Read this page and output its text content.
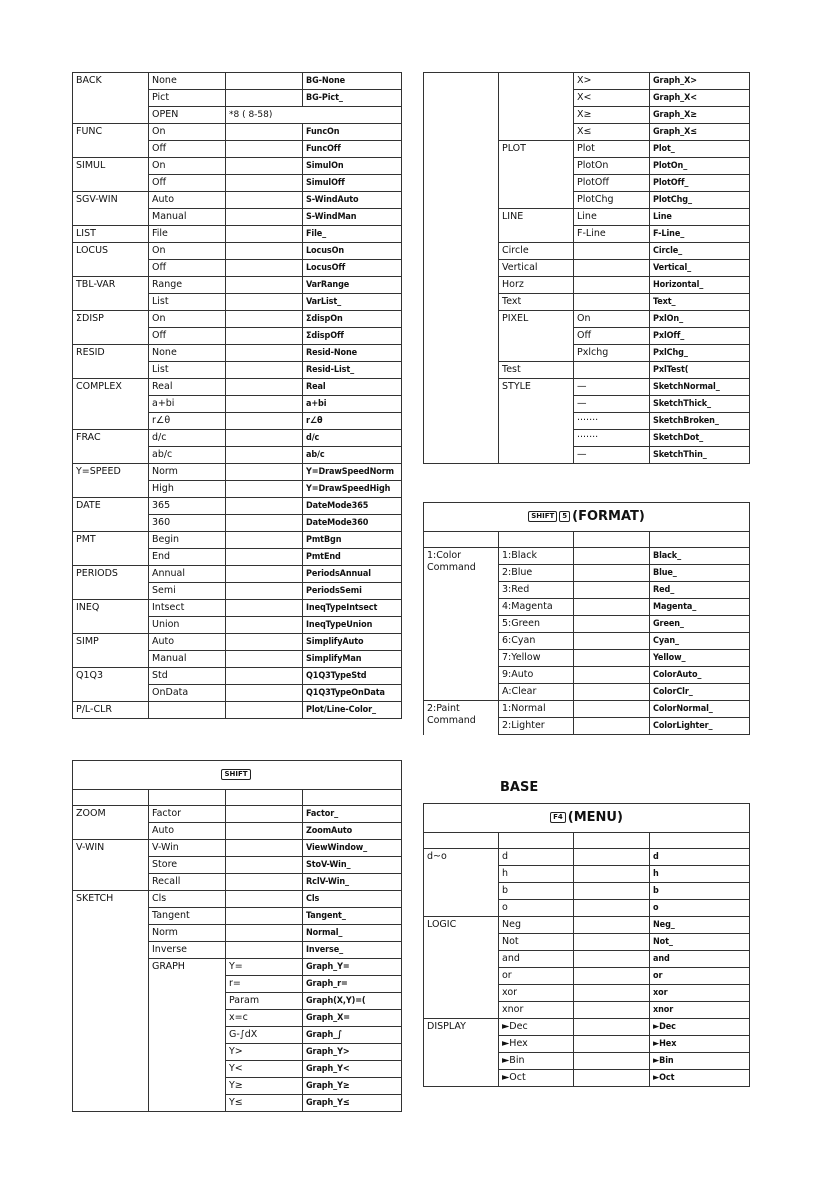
BACK	None		BG-None
	Pict		BG-Pict_
	OPEN	*8 ( 8-58)	
FUNC	On		FuncOn
	Off		FuncOff
SIMUL	On		SimulOn
	Off		SimulOff
SGV-WIN	Auto		S-WindAuto
	Manual		S-WindMan
LIST	File		File_
LOCUS	On		LocusOn
	Off		LocusOff
TBL-VAR	Range		VarRange
	List		VarList_
ΣDISP	On		ΣdispOn
	Off		ΣdispOff
RESID	None		Resid-None
	List		Resid-List_
COMPLEX	Real		Real
	a+bi		a+bi
	r∠θ		r∠θ
FRAC	d/c		d/c
	ab/c		ab/c
Y=SPEED	Norm		Y=DrawSpeedNorm
	High		Y=DrawSpeedHigh
DATE	365		DateMode365
	360		DateMode360
PMT	Begin		PmtBgn
	End		PmtEnd
PERIODS	Annual		PeriodsAnnual
	Semi		PeriodsSemi
INEQ	Intsect		IneqTypeIntsect
	Union		IneqTypeUnion
SIMP	Auto		SimplifyAuto
	Manual		SimplifyMan
Q1Q3	Std		Q1Q3TypeStd
	OnData		Q1Q3TypeOnData
P/L-CLR			Plot/Line-Color_
SHIFT			

ZOOM	Factor		Factor_
	Auto		ZoomAuto
V-WIN	V-Win		ViewWindow_
	Store		StoV-Win_
	Recall		RclV-Win_
SKETCH	Cls		Cls
	Tangent		Tangent_
	Norm		Normal_
	Inverse		Inverse_
	GRAPH	Y=	Graph_Y=
		r=	Graph_r=
		Param	Graph(X,Y)=(
		x=c	Graph_X=
		G-∫dX	Graph_∫
		Y>	Graph_Y>
		Y<	Graph_Y<
		Y≥	Graph_Y≥
		Y≤	Graph_Y≤
		X>	Graph_X>
		X<	Graph_X<
		X≥	Graph_X≥
		X≤	Graph_X≤
	PLOT	Plot	Plot_
		PlotOn	PlotOn_
		PlotOff	PlotOff_
		PlotChg	PlotChg_
	LINE	Line	Line
		F-Line	F-Line_
	Circle		Circle_
	Vertical		Vertical_
	Horz		Horizontal_
	Text		Text_
	PIXEL	On	PxlOn_
		Off	PxlOff_
		Pxlchg	PxlChg_
	Test		PxlTest(
	STYLE	—	SketchNormal_
		—	SketchThick_
		·······	SketchBroken_
		·······	SketchDot_
		—	SketchThin_
SHIFT 5 (FORMAT)			

1:Color
Command	1:Black		Black_
	2:Blue		Blue_
	3:Red		Red_
	4:Magenta		Magenta_
	5:Green		Green_
	6:Cyan		Cyan_
	7:Yellow		Yellow_
	9:Auto		ColorAuto_
	A:Clear		ColorClr_
2:Paint
Command	1:Normal		ColorNormal_
	2:Lighter		ColorLighter_
BASE
F4 (MENU)			

d~o	d		d
	h		h
	b		b
	o		o
LOGIC	Neg		Neg_
	Not		Not_
	and		and
	or		or
	xor		xor
	xnor		xnor
DISPLAY	►Dec		►Dec
	►Hex		►Hex
	►Bin		►Bin
	►Oct		►Oct
